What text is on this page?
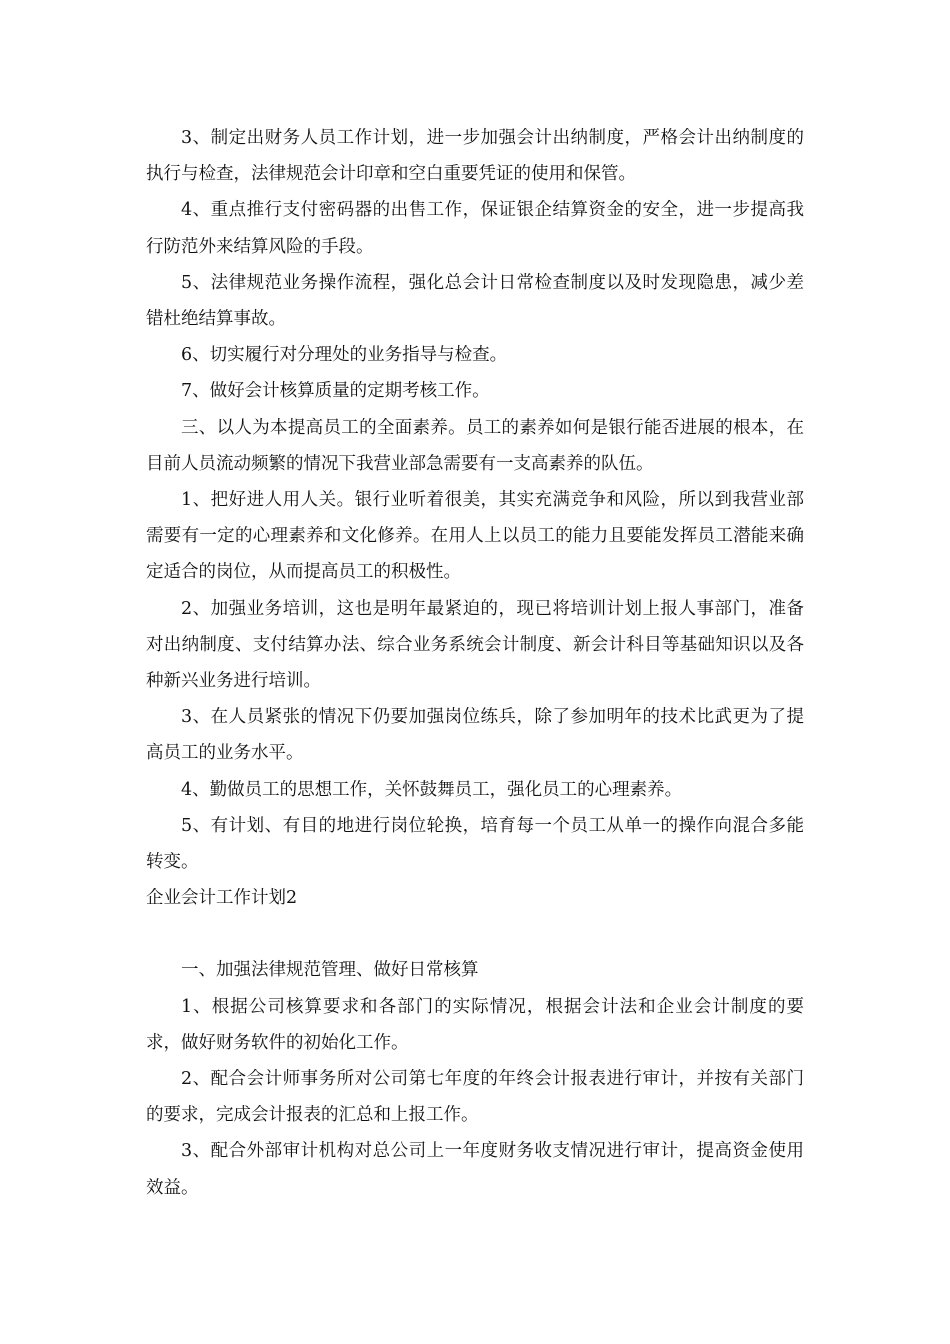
3、制定出财务人员工作计划，进一步加强会计出纳制度，严格会计出纳制度的执行与检查，法律规范会计印章和空白重要凭证的使用和保管。

4、重点推行支付密码器的出售工作，保证银企结算资金的安全，进一步提高我行防范外来结算风险的手段。

5、法律规范业务操作流程，强化总会计日常检查制度以及时发现隐患，减少差错杜绝结算事故。

6、切实履行对分理处的业务指导与检查。

7、做好会计核算质量的定期考核工作。

三、以人为本提高员工的全面素养。员工的素养如何是银行能否进展的根本，在目前人员流动频繁的情况下我营业部急需要有一支高素养的队伍。

1、把好进人用人关。银行业听着很美，其实充满竞争和风险，所以到我营业部需要有一定的心理素养和文化修养。在用人上以员工的能力且要能发挥员工潜能来确定适合的岗位，从而提高员工的积极性。

2、加强业务培训，这也是明年最紧迫的，现已将培训计划上报人事部门，准备对出纳制度、支付结算办法、综合业务系统会计制度、新会计科目等基础知识以及各种新兴业务进行培训。

3、在人员紧张的情况下仍要加强岗位练兵，除了参加明年的技术比武更为了提高员工的业务水平。

4、勤做员工的思想工作，关怀鼓舞员工，强化员工的心理素养。

5、有计划、有目的地进行岗位轮换，培育每一个员工从单一的操作向混合多能转变。

企业会计工作计划2

一、加强法律规范管理、做好日常核算

1、根据公司核算要求和各部门的实际情况，根据会计法和企业会计制度的要求，做好财务软件的初始化工作。

2、配合会计师事务所对公司第七年度的年终会计报表进行审计，并按有关部门的要求，完成会计报表的汇总和上报工作。

3、配合外部审计机构对总公司上一年度财务收支情况进行审计，提高资金使用效益。
